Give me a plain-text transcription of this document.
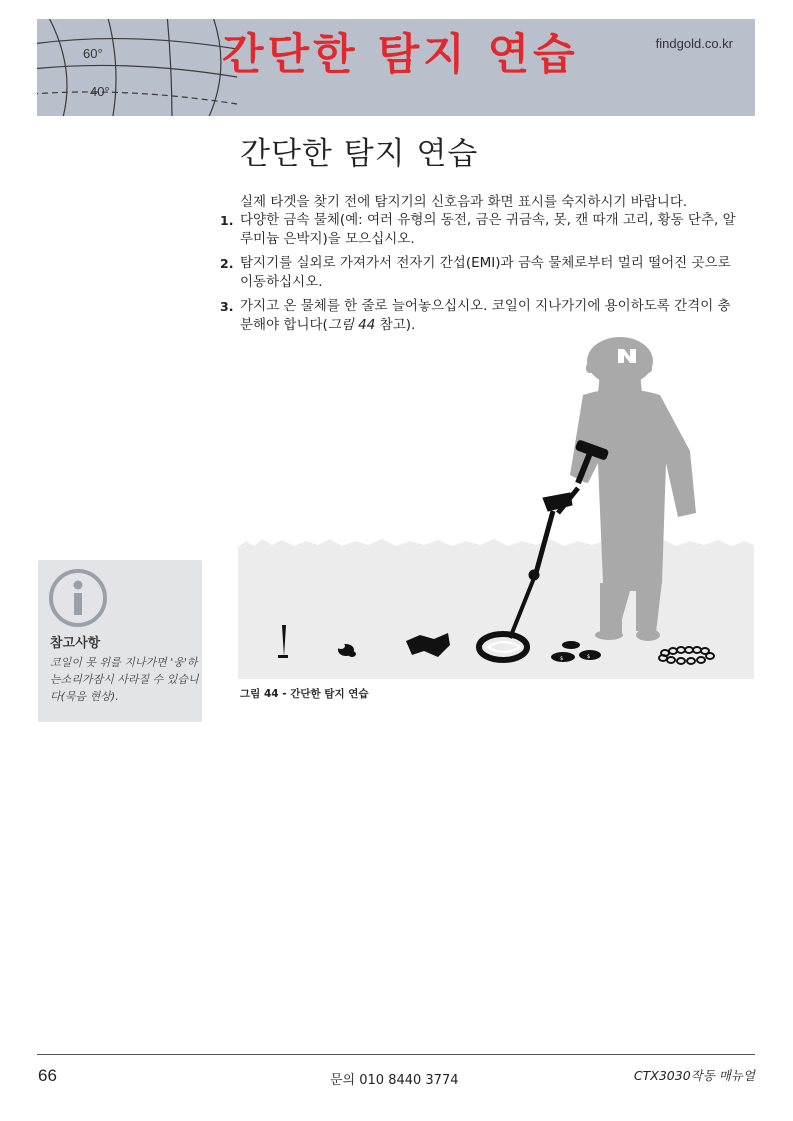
60°
40°
간단한 탐지 연습	findgold.co.kr
간단한 탐지 연습

실제 타겟을 찾기 전에 탐지기의 신호음과 화면 표시를 숙지하시기 바랍니다.

1. 다양한 금속 물체(예: 여러 유형의 동전, 금은 귀금속, 못, 캔 따개 고리, 황동 단추, 알루미늄 은박지)을 모으십시오.
2. 탐지기를 실외로 가져가서 전자기 간섭(EMI)과 금속 물체로부터 멀리 떨어진 곳으로 이동하십시오.
3. 가지고 온 물체를 한 줄로 늘어놓으십시오. 코일이 지나가기에 용이하도록 간격이 충분해야 합니다(그림 44 참고).
$	$
그림 44 - 간단한 탐지 연습
참고사항
코일이 못 위를 지나가면 '웅'하는소리가잠시 사라질 수 있습니다(묵음 현상).
66	문의 010 8440 3774	CTX3030작동 매뉴얼
